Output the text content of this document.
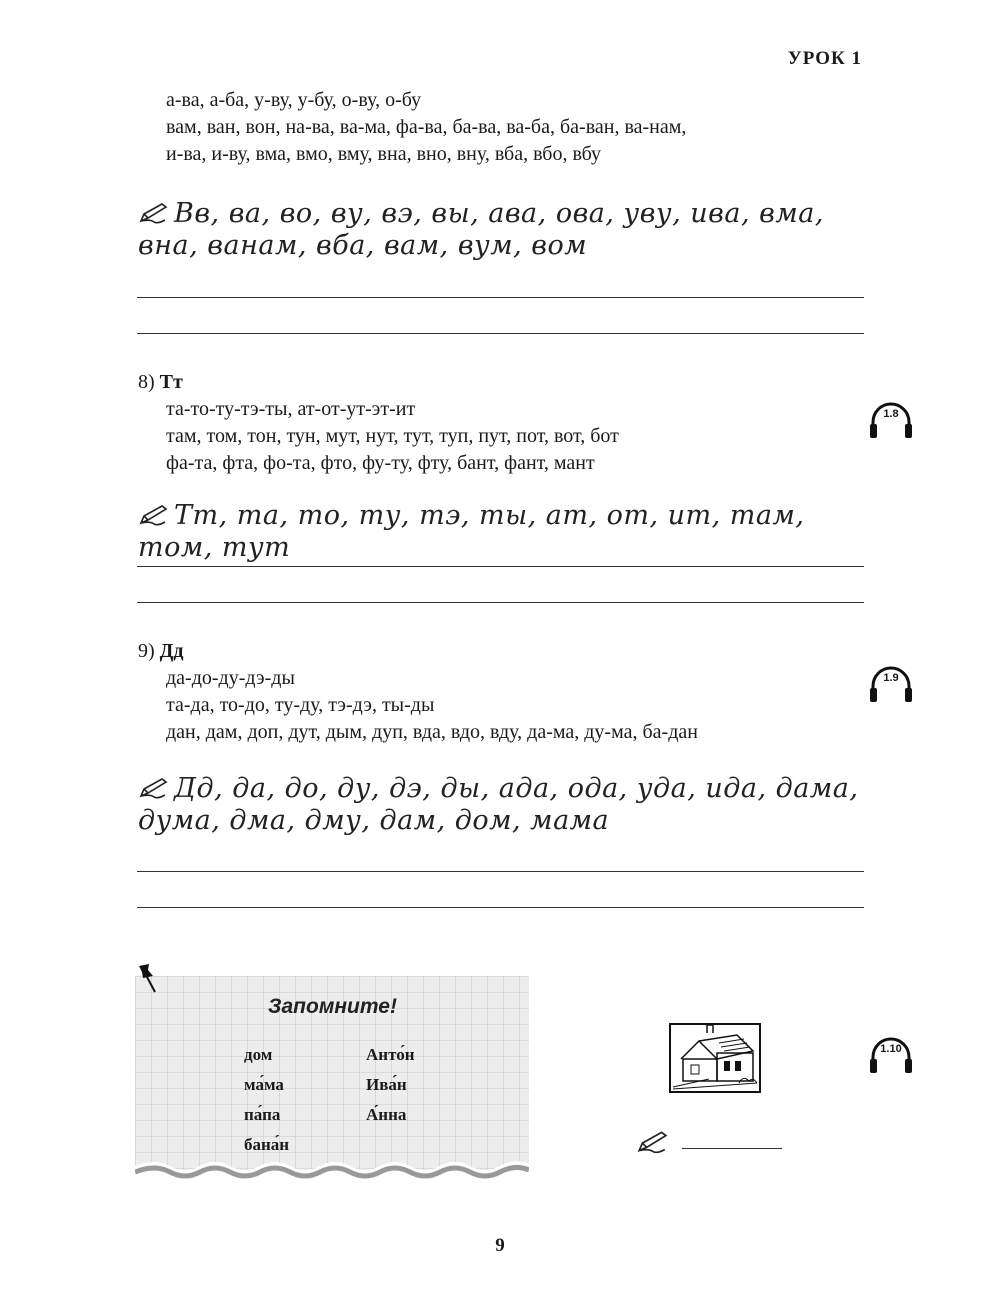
УРОК 1
а-ва, а-ба, у-ву, у-бу, о-ву, о-бу
вам, ван, вон, на-ва, ва-ма, фа-ва, ба-ва, ва-ба, ба-ван, ва-нам,
и-ва, и-ву, вма, вмо, вму, вна, вно, вну, вба, вбо, вбу
Вв, ва, во, ву, вэ, вы, ава, ова, уву, ива, вма, вна, ванам, вба, вам, вум, вом
8) Тт
та-то-ту-тэ-ты, ат-от-ут-эт-ит
там, том, тон, тун, мут, нут, тут, туп, пут, пот, вот, бот
фа-та, фта, фо-та, фто, фу-ту, фту, бант, фант, мант
1.8
Тт, та, то, ту, тэ, ты, ат, от, ит, там, том, тут
9) Дд
да-до-ду-дэ-ды
та-да, то-до, ту-ду, тэ-дэ, ты-ды
дан, дам, доп, дут, дым, дуп, вда, вдо, вду, да-ма, ду-ма, ба-дан
1.9
Дд, да, до, ду, дэ, ды, ада, ода, уда, ида, дама, дума, дма, дму, дам, дом, мама
Запомните!
дом
ма́ма
па́па
бана́н
Анто́н
Ива́н
А́нна
1.10
9
